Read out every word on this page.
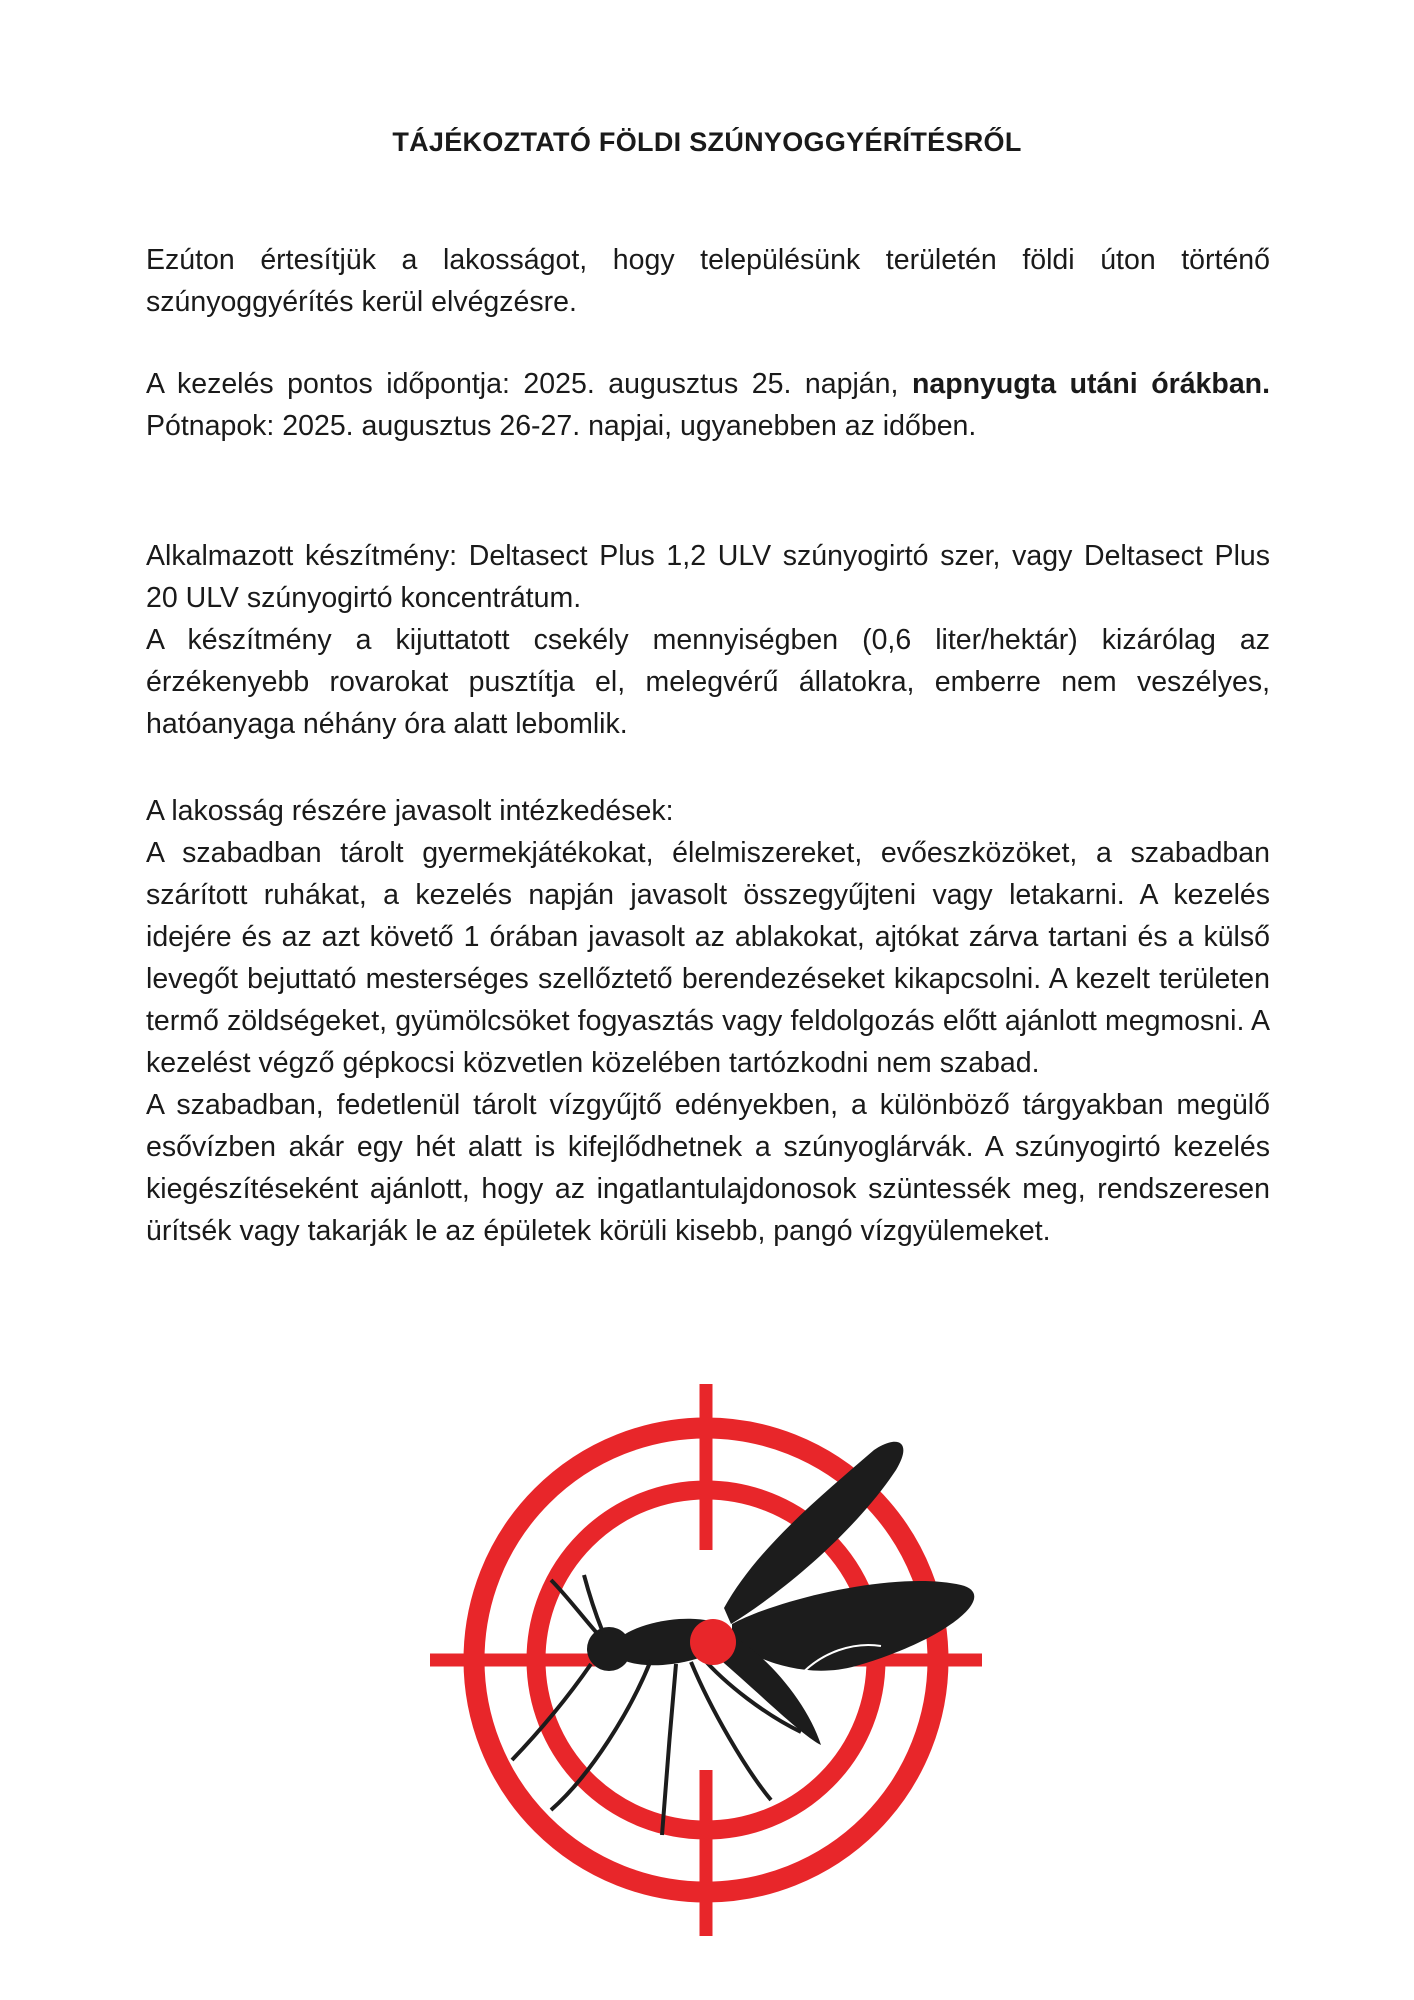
TÁJÉKOZTATÓ FÖLDI SZÚNYOGGYÉRÍTÉSRŐL
Ezúton értesítjük a lakosságot, hogy településünk területén földi úton történő szúnyoggyérítés kerül elvégzésre.
A kezelés pontos időpontja: 2025. augusztus 25. napján, napnyugta utáni órákban. Pótnapok: 2025. augusztus 26-27. napjai, ugyanebben az időben.
Alkalmazott készítmény: Deltasect Plus 1,2 ULV szúnyogirtó szer, vagy Deltasect Plus 20 ULV szúnyogirtó koncentrátum.
A készítmény a kijuttatott csekély mennyiségben (0,6 liter/hektár) kizárólag az érzékenyebb rovarokat pusztítja el, melegvérű állatokra, emberre nem veszélyes, hatóanyaga néhány óra alatt lebomlik.
A lakosság részére javasolt intézkedések:
A szabadban tárolt gyermekjátékokat, élelmiszereket, evőeszközöket, a szabadban szárított ruhákat, a kezelés napján javasolt összegyűjteni vagy letakarni. A kezelés idejére és az azt követő 1 órában javasolt az ablakokat, ajtókat zárva tartani és a külső levegőt bejuttató mesterséges szellőztető berendezéseket kikapcsolni. A kezelt területen termő zöldségeket, gyümölcsöket fogyasztás vagy feldolgozás előtt ajánlott megmosni. A kezelést végző gépkocsi közvetlen közelében tartózkodni nem szabad.
A szabadban, fedetlenül tárolt vízgyűjtő edényekben, a különböző tárgyakban megülő esővízben akár egy hét alatt is kifejlődhetnek a szúnyoglárvák. A szúnyogirtó kezelés kiegészítéseként ajánlott, hogy az ingatlantulajdonosok szüntessék meg, rendszeresen ürítsék vagy takarják le az épületek körüli kisebb, pangó vízgyülemeket.
